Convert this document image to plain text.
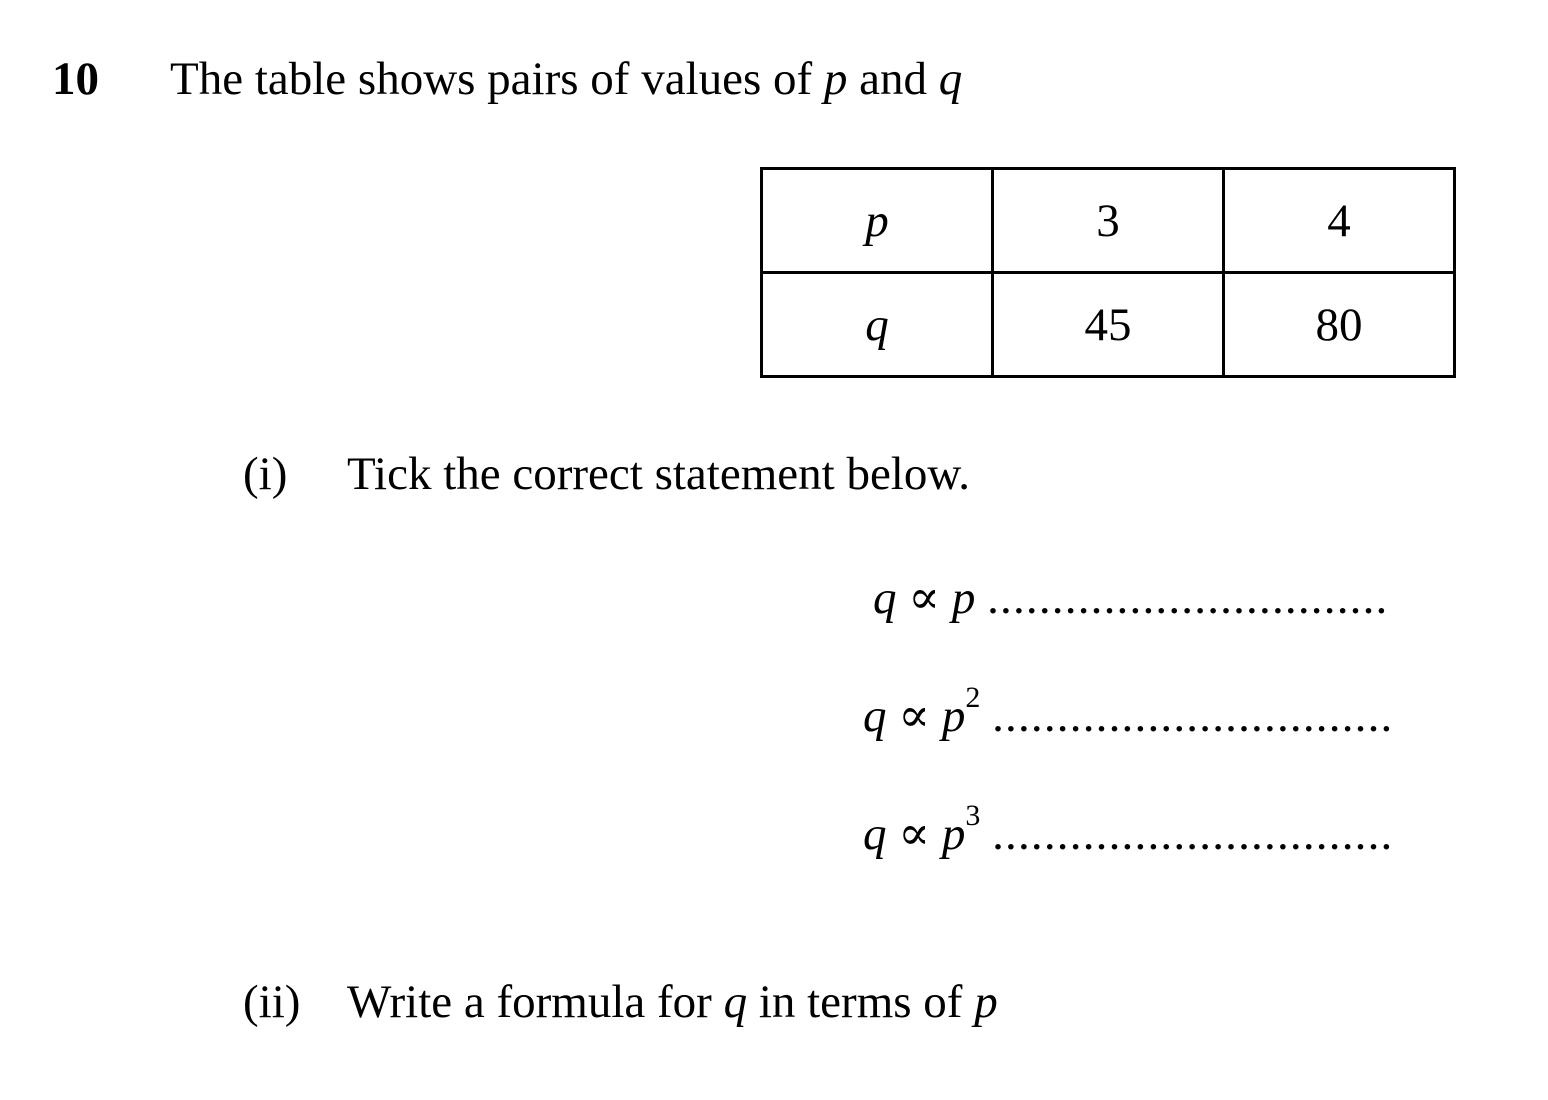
10 The table shows pairs of values of p and q
p	3	4
q	45	80
(i) Tick the correct statement below.
q ∝ p ...............................
$q \propto p^2$ ...............................
$q \propto p^3$ ...............................
(ii) Write a formula for q in terms of p
